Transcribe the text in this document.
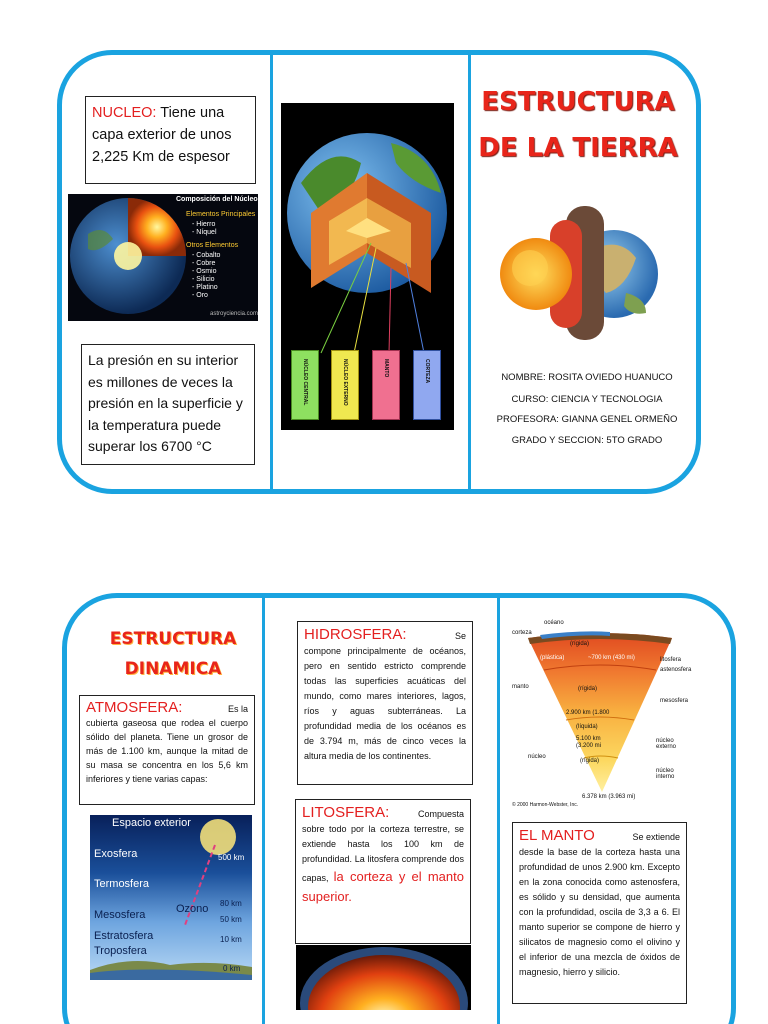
NUCLEO: Tiene una capa exterior de unos 2,225 Km de espesor
Composición del Núcleo
Elementos Principales
- Hierro
- Níquel
Otros Elementos
- Cobalto
- Cobre
- Osmio
- Silicio
- Platino
- Oro
astroyciencia.com
La presión en su interior es millones de veces la presión en la superficie y la temperatura puede superar los 6700 °C
NÚCLEO CENTRAL	NÚCLEO EXTERNO	MANTO	CORTEZA
ESTRUCTURA
DE LA TIERRA
NOMBRE: ROSITA OVIEDO HUANUCO
CURSO: CIENCIA Y TECNOLOGIA
PROFESORA: GIANNA GENEL ORMEÑO
GRADO Y SECCION: 5TO GRADO
ESTRUCTURA
DINAMICA
ATMOSFERA:	Es la
cubierta gaseosa que rodea el cuerpo sólido del planeta. Tiene un grosor de más de 1.100 km, aunque la mitad de su masa se concentra en los 5,6 km inferiores y tiene varias capas:
Espacio exterior
Exosfera
Termosfera
Ozono
Mesosfera
Estratosfera
Troposfera
500 km
80 km
50 km
10 km
0 km
HIDROSFERA:	Se
compone principalmente de océanos, pero en sentido estricto comprende todas las superficies acuáticas del mundo, como mares interiores, lagos, ríos y aguas subterráneas. La profundidad media de los océanos es de 3.794 m, más de cinco veces la altura media de los continentes.
LITOSFERA:	Compuesta
sobre todo por la corteza terrestre, se extiende hasta los 100 km de profundidad. La litosfera comprende dos capas, la corteza y el manto superior.
océano
corteza
(rígida)
(plástica)	~700 km (430 mi)	litosfera
astenosfera
manto	(rígida)
mesosfera
2.900 km (1.800
(líquida)
5.100 km
(3.200 mi
núcleo externo
núcleo
(rígida)
núcleo interno
6.378 km (3.963 mi)
© 2000 Harmon-Webster, Inc.
EL MANTO	Se extiende
desde la base de la corteza hasta una profundidad de unos 2.900 km. Excepto en la zona conocida como astenosfera, es sólido y su densidad, que aumenta con la profundidad, oscila de 3,3 a 6. El manto superior se compone de hierro y silicatos de magnesio como el olivino y el inferior de una mezcla de óxidos de magnesio, hierro y silicio.
